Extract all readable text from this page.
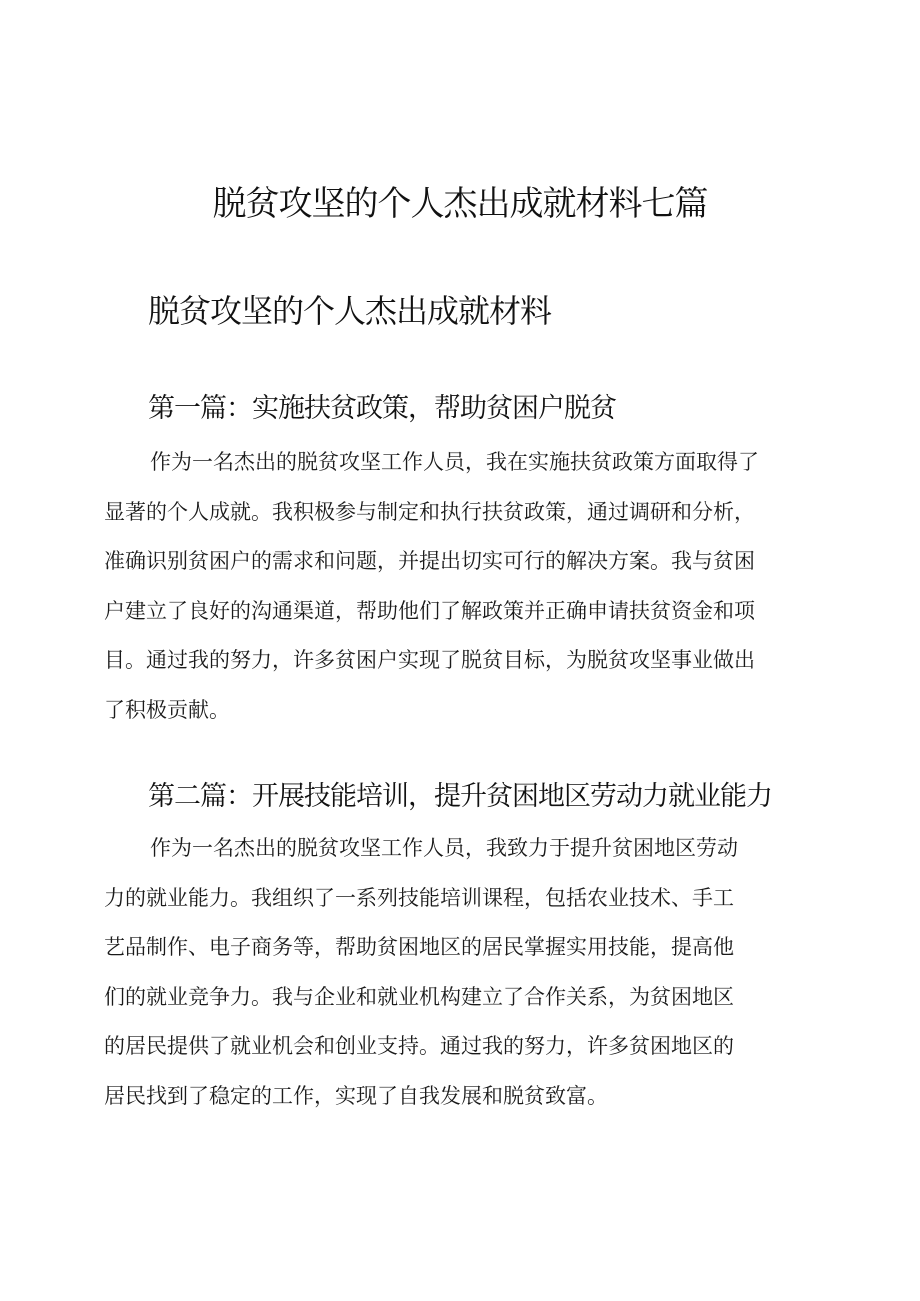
脱贫攻坚的个人杰出成就材料七篇
脱贫攻坚的个人杰出成就材料
第一篇：实施扶贫政策，帮助贫困户脱贫
作为一名杰出的脱贫攻坚工作人员，我在实施扶贫政策方面取得了
显著的个人成就。我积极参与制定和执行扶贫政策，通过调研和分析，
准确识别贫困户的需求和问题，并提出切实可行的解决方案。我与贫困
户建立了良好的沟通渠道，帮助他们了解政策并正确申请扶贫资金和项
目。通过我的努力，许多贫困户实现了脱贫目标，为脱贫攻坚事业做出
了积极贡献。
第二篇：开展技能培训，提升贫困地区劳动力就业能力
作为一名杰出的脱贫攻坚工作人员，我致力于提升贫困地区劳动
力的就业能力。我组织了一系列技能培训课程，包括农业技术、手工
艺品制作、电子商务等，帮助贫困地区的居民掌握实用技能，提高他
们的就业竞争力。我与企业和就业机构建立了合作关系，为贫困地区
的居民提供了就业机会和创业支持。通过我的努力，许多贫困地区的
居民找到了稳定的工作，实现了自我发展和脱贫致富。
